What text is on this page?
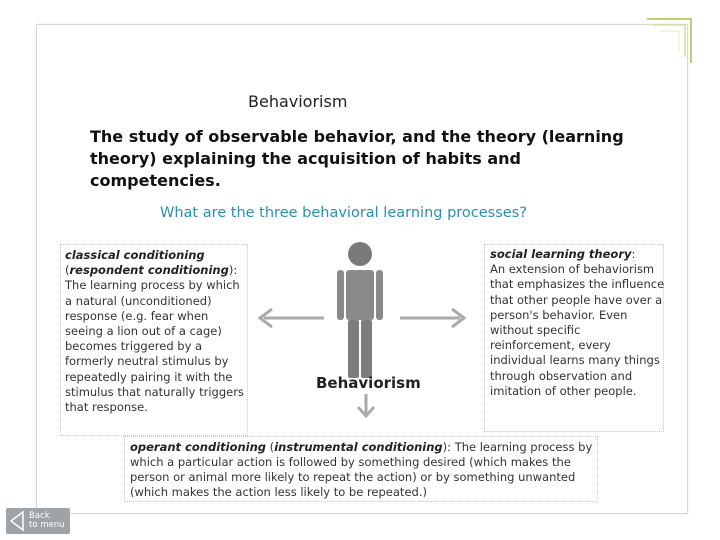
Behaviorism
The study of observable behavior, and the theory (learning theory) explaining the acquisition of habits and competencies.
What are the three behavioral learning processes?
classical conditioning
(respondent conditioning): The learning process by which a natural (unconditioned) response (e.g. fear when seeing a lion out of a cage) becomes triggered by a formerly neutral stimulus by repeatedly pairing it with the stimulus that naturally triggers that response.
social learning theory:
An extension of behaviorism that emphasizes the influence that other people have over a person's behavior. Even without specific reinforcement, every individual learns many things through observation and imitation of other people.
operant conditioning (instrumental conditioning): The learning process by which a particular action is followed by something desired (which makes the person or animal more likely to repeat the action) or by something unwanted (which makes the action less likely to be repeated.)
Behaviorism
Back
to menu
